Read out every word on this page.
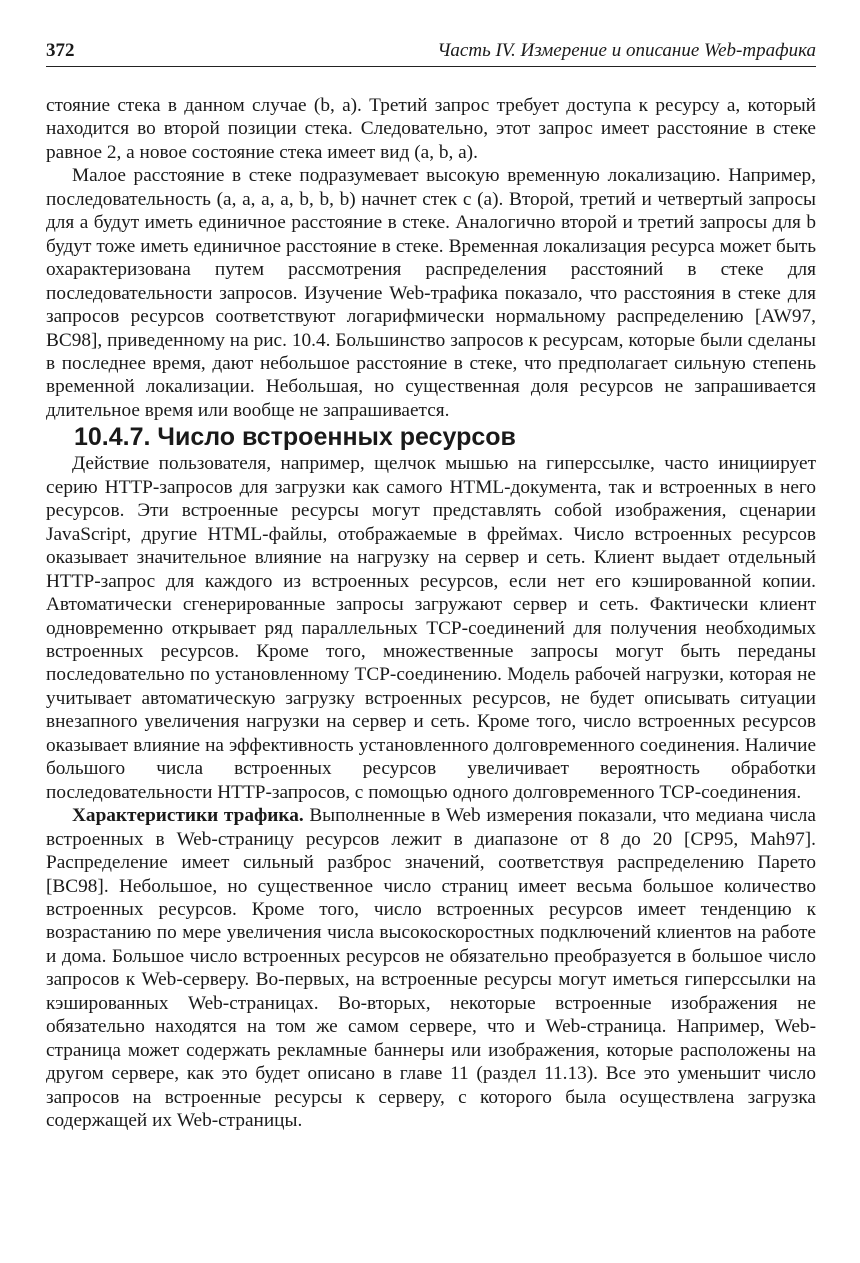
372	Часть IV. Измерение и описание Web-трафика

стояние стека в данном случае (b, a). Третий запрос требует доступа к ресурсу a, который находится во второй позиции стека. Следовательно, этот запрос имеет расстояние в стеке равное 2, а новое состояние стека имеет вид (a, b, a).

Малое расстояние в стеке подразумевает высокую временную локализацию. Например, последовательность (a, a, a, a, b, b, b) начнет стек с (a). Второй, третий и четвертый запросы для a будут иметь единичное расстояние в стеке. Аналогично второй и третий запросы для b будут тоже иметь единичное расстояние в стеке. Временная локализация ресурса может быть охарактеризована путем рассмотрения распределения расстояний в стеке для последовательности запросов. Изучение Web-трафика показало, что расстояния в стеке для запросов ресурсов соответствуют логарифмически нормальному распределению [AW97, BC98], приведенному на рис. 10.4. Большинство запросов к ресурсам, которые были сделаны в последнее время, дают небольшое расстояние в стеке, что предполагает сильную степень временной локализации. Небольшая, но существенная доля ресурсов не запрашивается длительное время или вообще не запрашивается.

10.4.7. Число встроенных ресурсов

Действие пользователя, например, щелчок мышью на гиперссылке, часто инициирует серию HTTP-запросов для загрузки как самого HTML-документа, так и встроенных в него ресурсов. Эти встроенные ресурсы могут представлять собой изображения, сценарии JavaScript, другие HTML-файлы, отображаемые в фреймах. Число встроенных ресурсов оказывает значительное влияние на нагрузку на сервер и сеть. Клиент выдает отдельный HTTP-запрос для каждого из встроенных ресурсов, если нет его кэшированной копии. Автоматически сгенерированные запросы загружают сервер и сеть. Фактически клиент одновременно открывает ряд параллельных TCP-соединений для получения необходимых встроенных ресурсов. Кроме того, множественные запросы могут быть переданы последовательно по установленному TCP-соединению. Модель рабочей нагрузки, которая не учитывает автоматическую загрузку встроенных ресурсов, не будет описывать ситуации внезапного увеличения нагрузки на сервер и сеть. Кроме того, число встроенных ресурсов оказывает влияние на эффективность установленного долговременного соединения. Наличие большого числа встроенных ресурсов увеличивает вероятность обработки последовательности HTTP-запросов, с помощью одного долговременного TCP-соединения.

Характеристики трафика. Выполненные в Web измерения показали, что медиана числа встроенных в Web-страницу ресурсов лежит в диапазоне от 8 до 20 [CP95, Mah97]. Распределение имеет сильный разброс значений, соответствуя распределению Парето [BC98]. Небольшое, но существенное число страниц имеет весьма большое количество встроенных ресурсов. Кроме того, число встроенных ресурсов имеет тенденцию к возрастанию по мере увеличения числа высокоскоростных подключений клиентов на работе и дома. Большое число встроенных ресурсов не обязательно преобразуется в большое число запросов к Web-серверу. Во-первых, на встроенные ресурсы могут иметься гиперссылки на кэшированных Web-страницах. Во-вторых, некоторые встроенные изображения не обязательно находятся на том же самом сервере, что и Web-страница. Например, Web-страница может содержать рекламные баннеры или изображения, которые расположены на другом сервере, как это будет описано в главе 11 (раздел 11.13). Все это уменьшит число запросов на встроенные ресурсы к серверу, с которого была осуществлена загрузка содержащей их Web-страницы.
